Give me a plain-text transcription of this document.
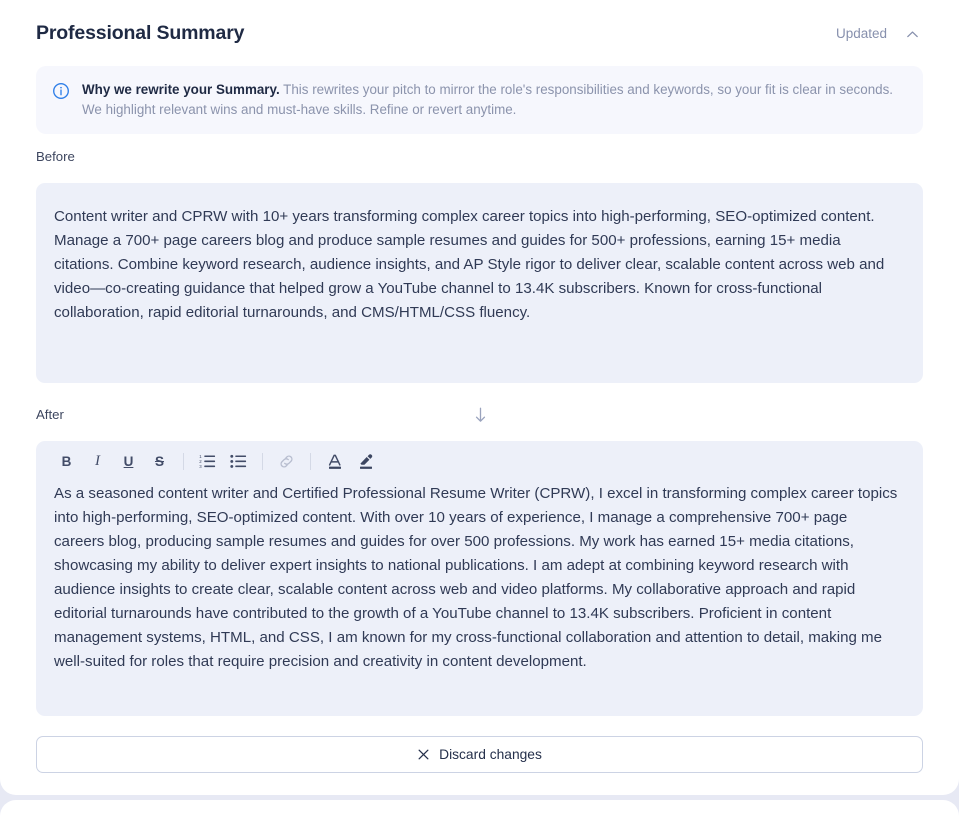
Professional Summary	Updated
Why we rewrite your Summary. This rewrites your pitch to mirror the role's responsibilities and keywords, so your fit is clear in seconds. We highlight relevant wins and must-have skills. Refine or revert anytime.
Before
Content writer and CPRW with 10+ years transforming complex career topics into high-performing, SEO-optimized content. Manage a 700+ page careers blog and produce sample resumes and guides for 500+ professions, earning 15+ media citations. Combine keyword research, audience insights, and AP Style rigor to deliver clear, scalable content across web and video—co-creating guidance that helped grow a YouTube channel to 13.4K subscribers. Known for cross-functional collaboration, rapid editorial turnarounds, and CMS/HTML/CSS fluency.
After
B	I	U	S	1
2
3
As a seasoned content writer and Certified Professional Resume Writer (CPRW), I excel in transforming complex career topics into high-performing, SEO-optimized content. With over 10 years of experience, I manage a comprehensive 700+ page careers blog, producing sample resumes and guides for over 500 professions. My work has earned 15+ media citations, showcasing my ability to deliver expert insights to national publications. I am adept at combining keyword research with audience insights to create clear, scalable content across web and video platforms. My collaborative approach and rapid editorial turnarounds have contributed to the growth of a YouTube channel to 13.4K subscribers. Proficient in content management systems, HTML, and CSS, I am known for my cross-functional collaboration and attention to detail, making me well-suited for roles that require precision and creativity in content development.
Discard changes
